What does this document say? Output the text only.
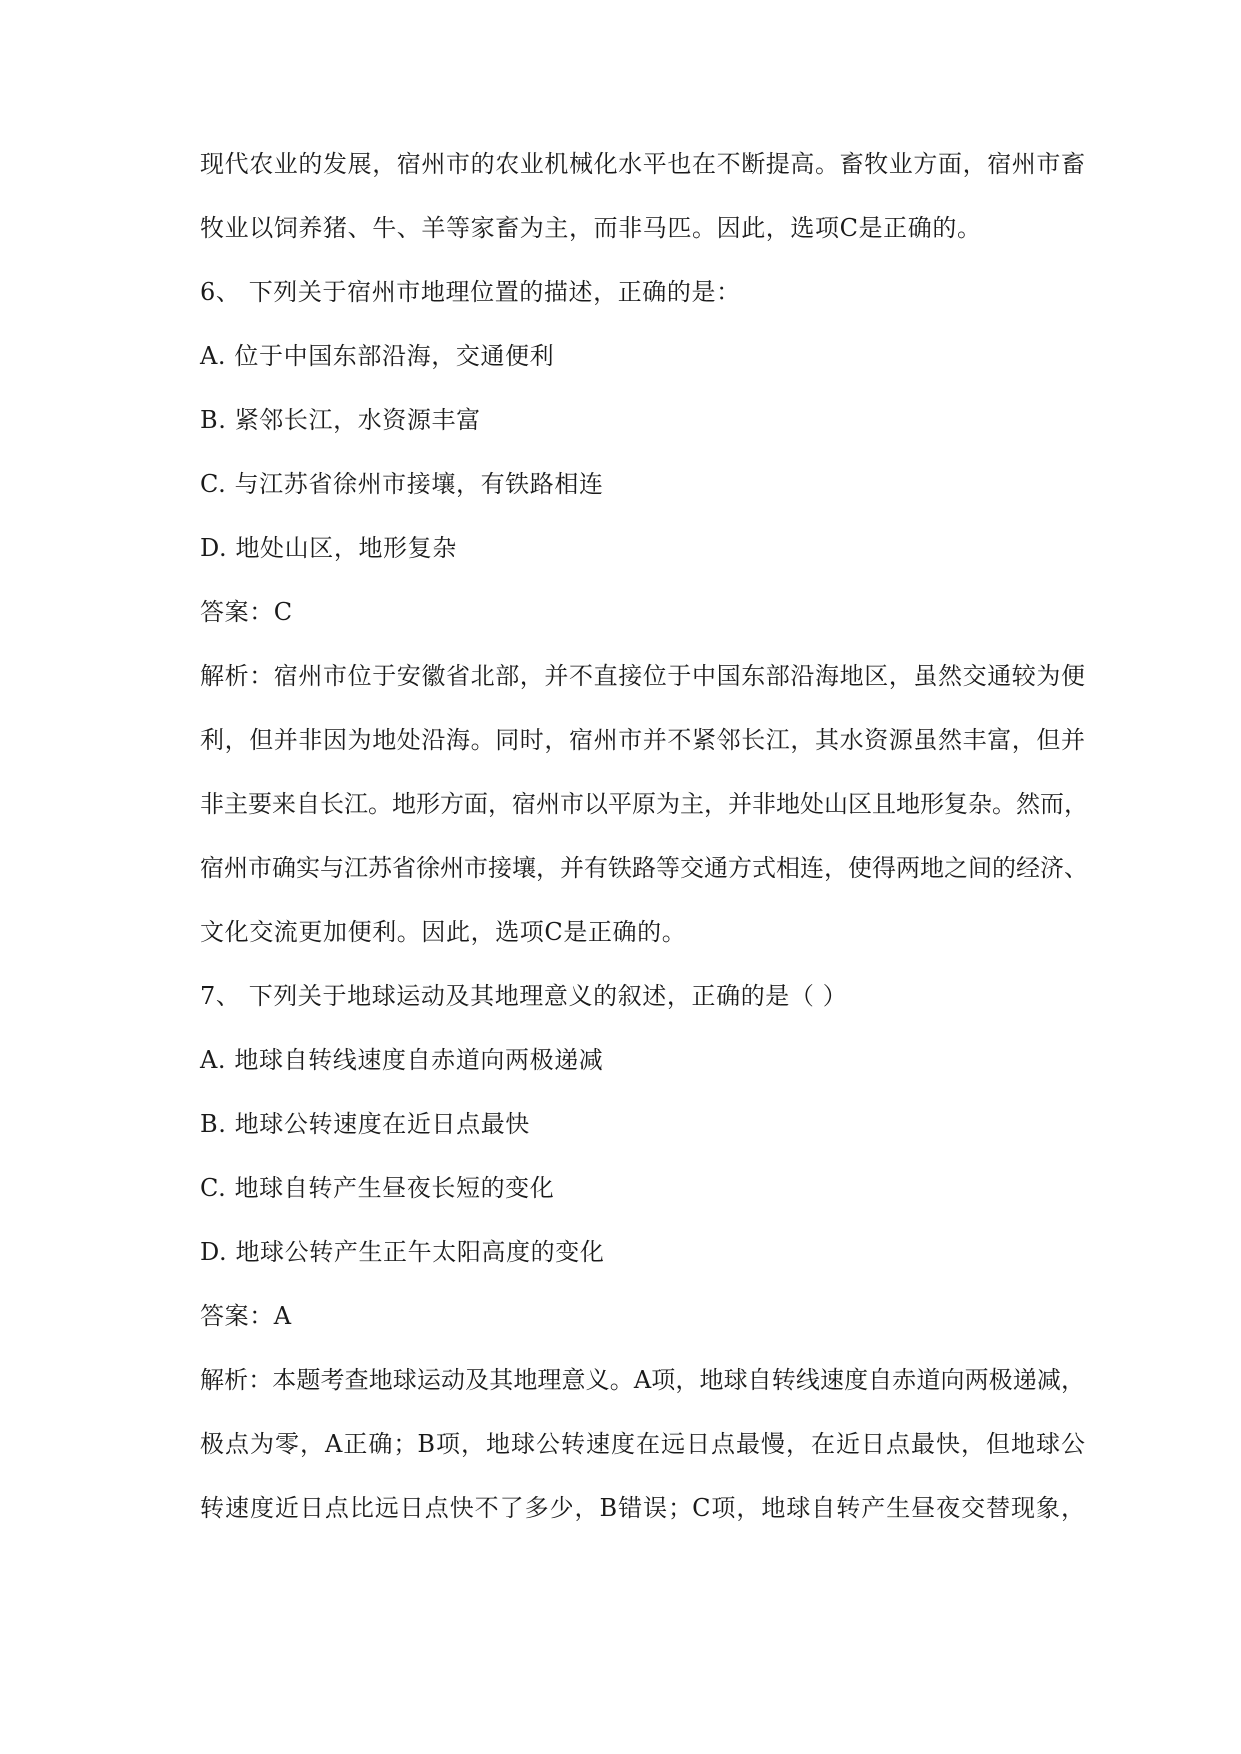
现代农业的发展，宿州市的农业机械化水平也在不断提高。畜牧业方面，宿州市畜
牧业以饲养猪、牛、羊等家畜为主，而非马匹。因此，选项C是正确的。
6、 下列关于宿州市地理位置的描述，正确的是：
A. 位于中国东部沿海，交通便利
B. 紧邻长江，水资源丰富
C. 与江苏省徐州市接壤，有铁路相连
D. 地处山区，地形复杂
答案：C
解析：宿州市位于安徽省北部，并不直接位于中国东部沿海地区，虽然交通较为便
利，但并非因为地处沿海。同时，宿州市并不紧邻长江，其水资源虽然丰富，但并
非主要来自长江。地形方面，宿州市以平原为主，并非地处山区且地形复杂。然而，
宿州市确实与江苏省徐州市接壤，并有铁路等交通方式相连，使得两地之间的经济、
文化交流更加便利。因此，选项C是正确的。
7、 下列关于地球运动及其地理意义的叙述，正确的是（ ）
A. 地球自转线速度自赤道向两极递减
B. 地球公转速度在近日点最快
C. 地球自转产生昼夜长短的变化
D. 地球公转产生正午太阳高度的变化
答案：A
解析：本题考查地球运动及其地理意义。A项，地球自转线速度自赤道向两极递减，
极点为零，A正确；B项，地球公转速度在远日点最慢，在近日点最快，但地球公
转速度近日点比远日点快不了多少，B错误；C项，地球自转产生昼夜交替现象，
